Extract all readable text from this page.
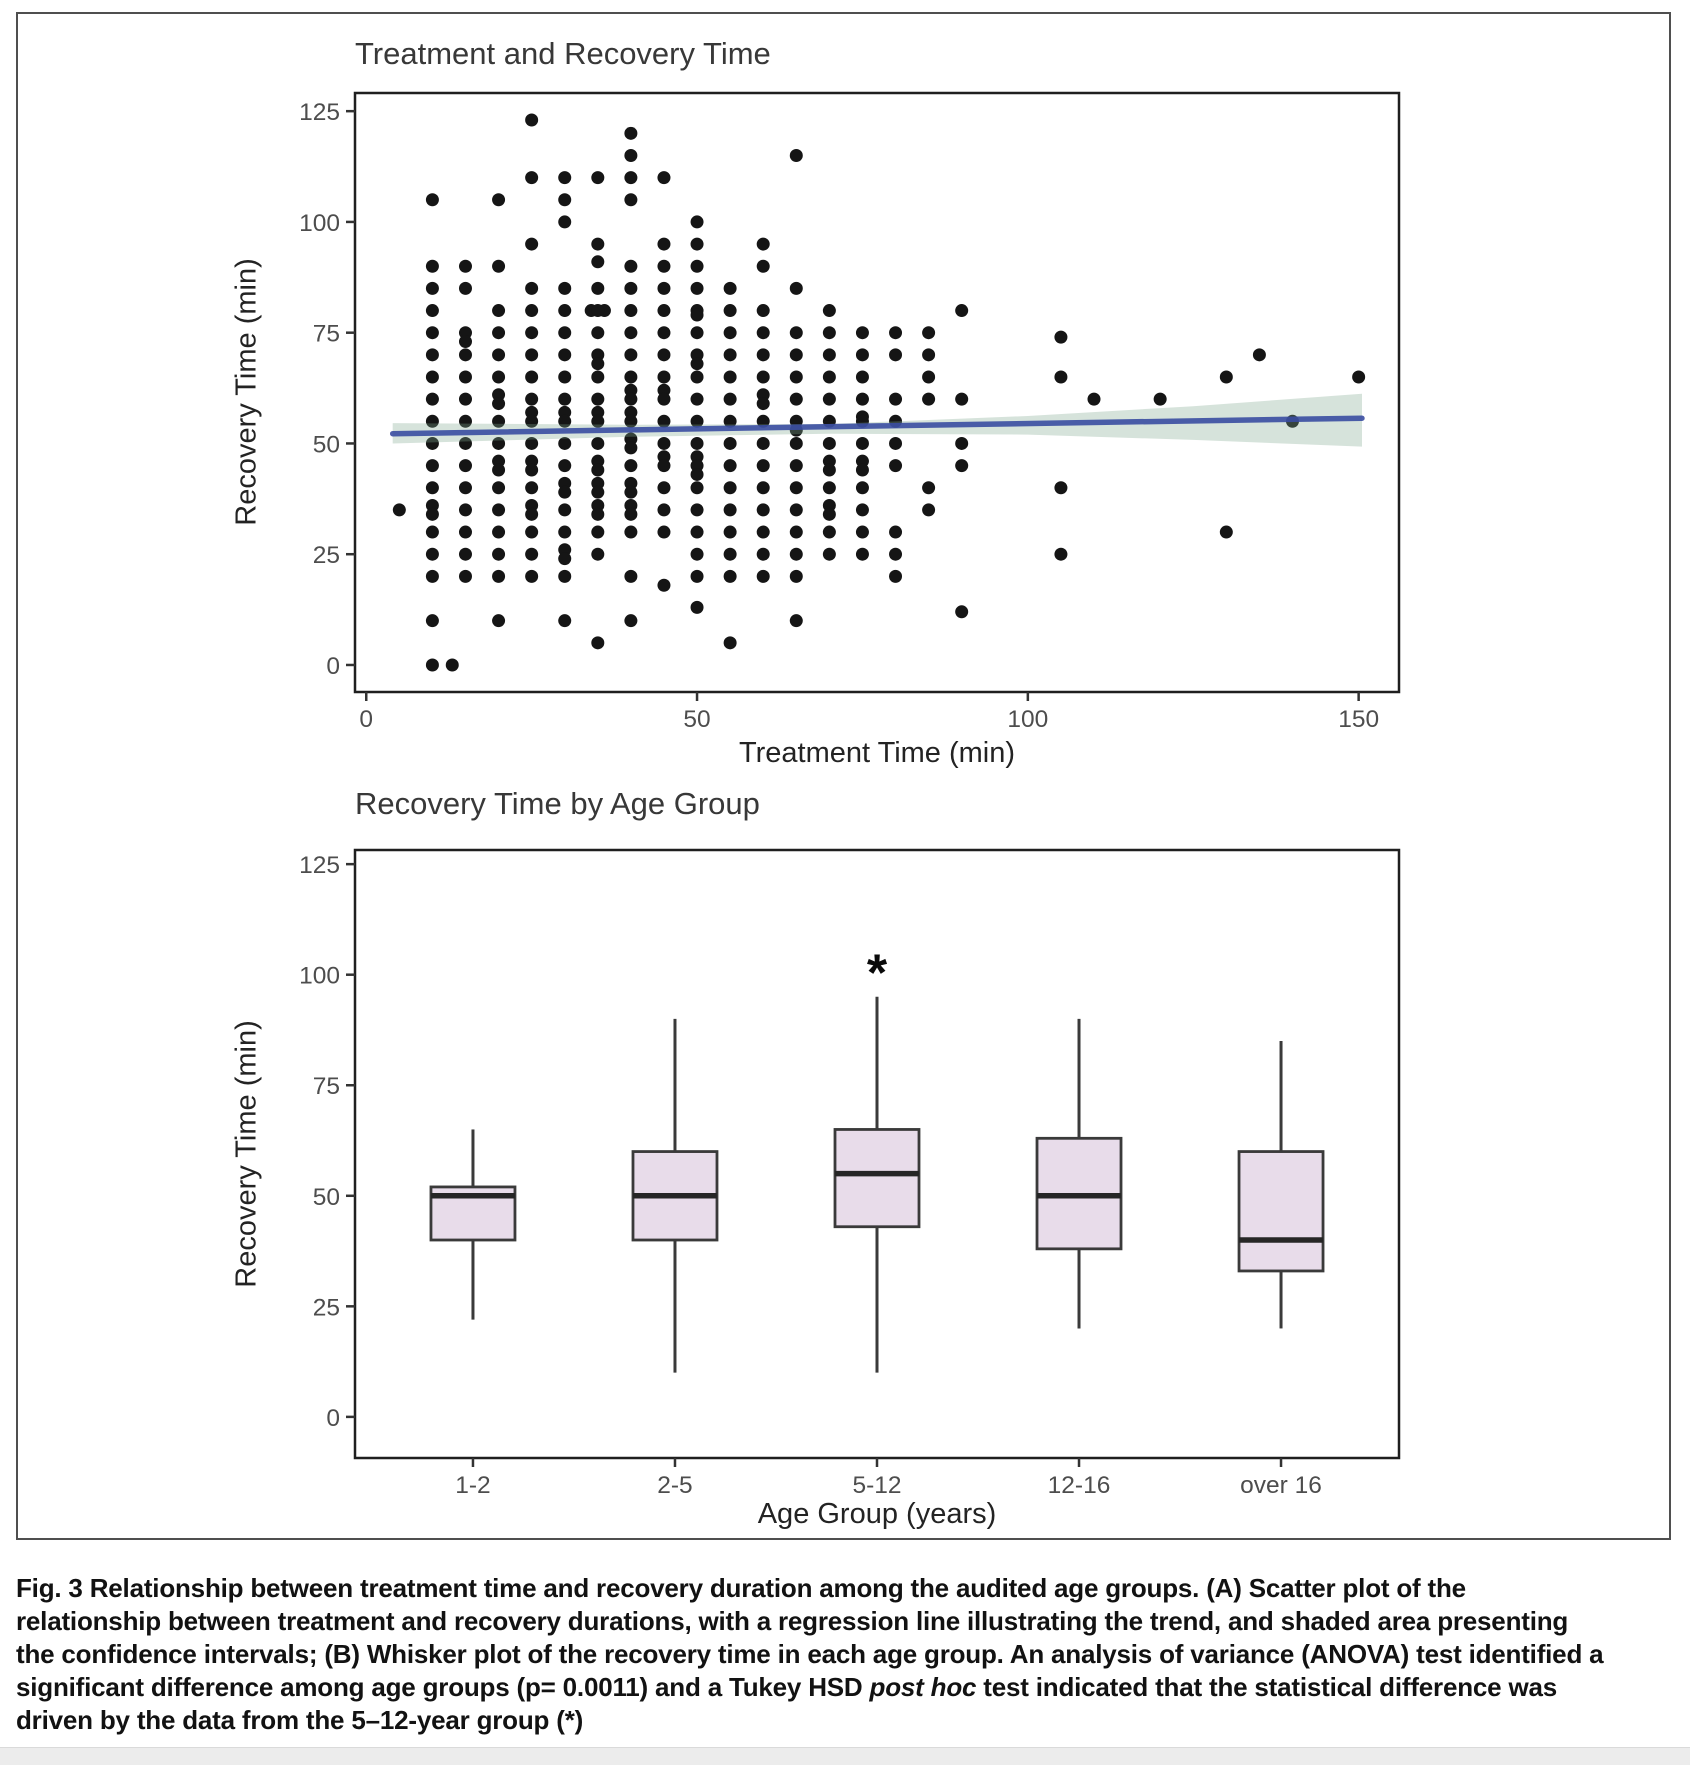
0	50	100	150
0
25
50
75
100
125
0
25
50
75
100
125
1-2	2-5	5-12	12-16	over 16
*
Treatment and Recovery Time
Treatment Time (min)
Recovery Time (min)
Recovery Time by Age Group
Age Group (years)
Recovery Time (min)
Fig. 3 Relationship between treatment time and recovery duration among the audited age groups. (A) Scatter plot of the
relationship between treatment and recovery durations, with a regression line illustrating the trend, and shaded area presenting
the confidence intervals; (B) Whisker plot of the recovery time in each age group. An analysis of variance (ANOVA) test identified a
significant difference among age groups (p= 0.0011) and a Tukey HSD post hoc test indicated that the statistical difference was
driven by the data from the 5–12-year group (*)
